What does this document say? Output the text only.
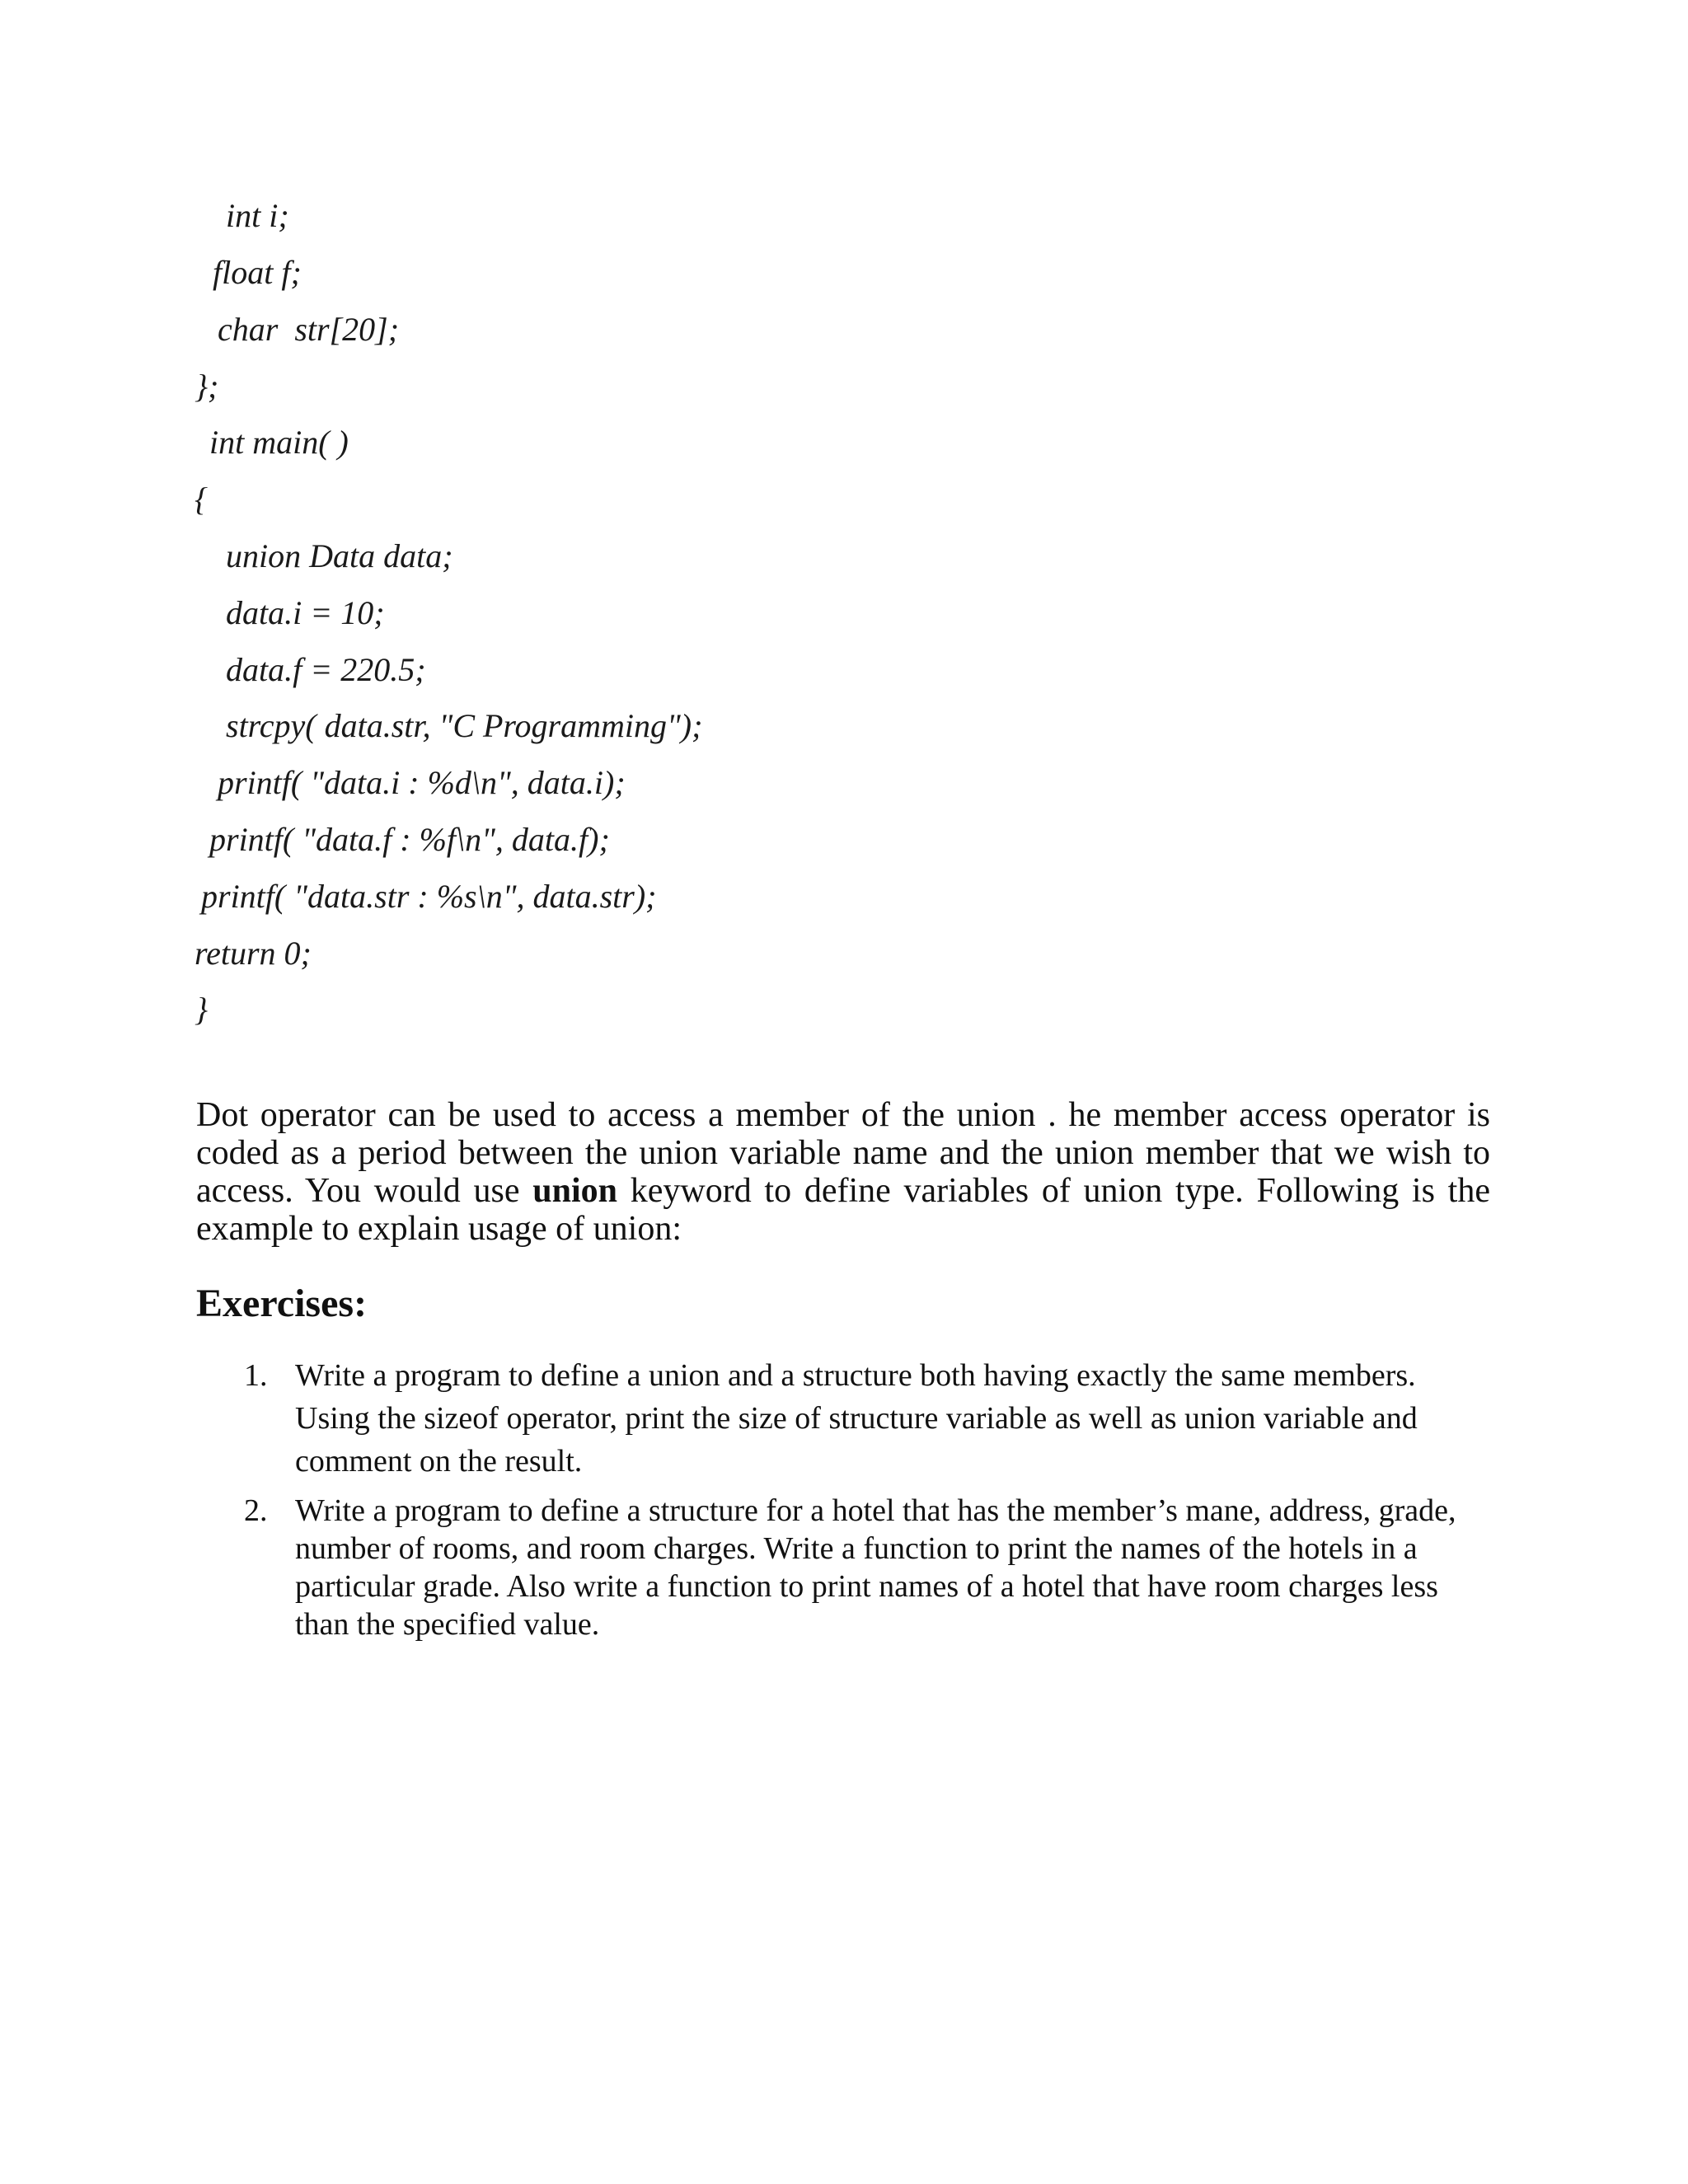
int i;
float f;
char  str[20];
};
int main( )
{
union Data data;
data.i = 10;
data.f = 220.5;
strcpy( data.str, "C Programming");
printf( "data.i : %d\n", data.i);
printf( "data.f : %f\n", data.f);
printf( "data.str : %s\n", data.str);
return 0;
}
Dot operator can be used to access a member of the union . he member access operator is coded as a period between the union variable name and the union member that we wish to access. You would use union keyword to define variables of union type. Following is the example to explain usage of union:
Exercises:
1. Write a program to define a union and a structure both having exactly the same members. Using the sizeof operator, print the size of structure variable as well as union variable and comment on the result.
2. Write a program to define a structure for a hotel that has the member’s mane, address, grade, number of rooms, and room charges. Write a function to print the names of the hotels in a particular grade. Also write a function to print names of a hotel that have room charges less than the specified value.
